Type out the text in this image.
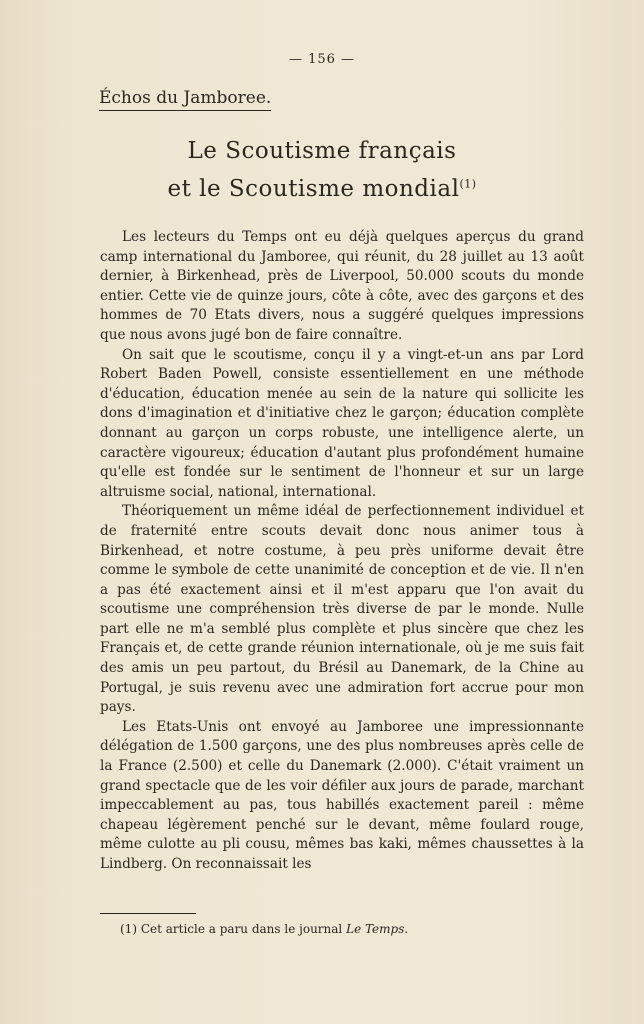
— 156 —
Échos du Jamboree.
Le Scoutisme français
et le Scoutisme mondial$^{(1)}$

Les lecteurs du Temps ont eu déjà quelques aperçus du grand camp international du Jamboree, qui réunit, du 28 juillet au 13 août dernier, à Birkenhead, près de Liverpool, 50.000 scouts du monde entier. Cette vie de quinze jours, côte à côte, avec des garçons et des hommes de 70 Etats divers, nous a suggéré quelques impressions que nous avons jugé bon de faire connaître.

On sait que le scoutisme, conçu il y a vingt-et-un ans par Lord Robert Baden Powell, consiste essentiellement en une méthode d'éducation, éducation menée au sein de la nature qui sollicite les dons d'imagination et d'initiative chez le garçon; éducation complète donnant au garçon un corps robuste, une intelligence alerte, un caractère vigoureux; éducation d'autant plus profondément humaine qu'elle est fondée sur le sentiment de l'honneur et sur un large altruisme social, national, international.

Théoriquement un même idéal de perfectionnement individuel et de fraternité entre scouts devait donc nous animer tous à Birkenhead, et notre costume, à peu près uniforme devait être comme le symbole de cette unanimité de conception et de vie. Il n'en a pas été exactement ainsi et il m'est apparu que l'on avait du scoutisme une compréhension très diverse de par le monde. Nulle part elle ne m'a semblé plus complète et plus sincère que chez les Français et, de cette grande réunion internationale, où je me suis fait des amis un peu partout, du Brésil au Danemark, de la Chine au Portugal, je suis revenu avec une admiration fort accrue pour mon pays.

Les Etats-Unis ont envoyé au Jamboree une impressionnante délégation de 1.500 garçons, une des plus nombreuses après celle de la France (2.500) et celle du Danemark (2.000). C'était vraiment un grand spectacle que de les voir défiler aux jours de parade, marchant impeccablement au pas, tous habillés exactement pareil : même chapeau légèrement penché sur le devant, même foulard rouge, même culotte au pli cousu, mêmes bas kaki, mêmes chaussettes à la Lindberg. On reconnaissait les

(1) Cet article a paru dans le journal Le Temps.
